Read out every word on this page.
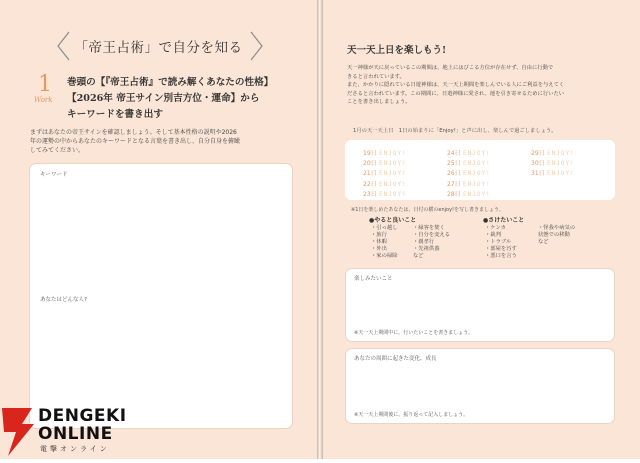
「帝王占術」で自分を知る
1
Work
巻頭の【『帝王占術』で読み解くあなたの性格】
【2026年 帝王サイン別吉方位・運命】から
キーワードを書き出す
まずはあなたの帝王サインを確認しましょう。そして基本性格の説明や2026
年の運勢の中からあなたのキーワードとなる言葉を書き出し、自分自身を俯瞰
してみてください。
キーワード
あなたはどんな人?
天一天上日を楽しもう!
天一神様が天に戻っているこの期間は、地上にはびこる方位が存在せず、自由に行動で
きると言われています。
また、かかりに隠れている日遊神様は、天一天上期間を楽しんでいる人にご利益を与えてく
ださると言われています。この期間に、日遊神様に愛され、運を引き寄せるために行いたい
ことを書き出しましょう。
1月の天一天上日　1日の始まりに「Enjoy!」と声に出し、楽しんで過ごしましょう。
19日 ENJOY!
20日 ENJOY!
21日 ENJOY!
22日 ENJOY!
23日 ENJOY!
24日 ENJOY!
25日 ENJOY!
26日 ENJOY!
27日 ENJOY!
28日 ENJOY!
29日 ENJOY!
30日 ENJOY!
31日 ENJOY!
※1日を楽しめたあなたは、日付の横のenjoy!を写し書きましょう。
●やると良いこと
・引っ越し
・旅行
・休暇
・外出
・家の掃除
・縁客を焚く
・自分を変える
・親孝行
・先祖供養
など
●さけたいこと
・ケンカ
・裁判
・トラブル
・部屋を汚す
・悪口を言う
・怪我や病気の
状態での移動
など
楽しみたいこと
※天一天上期間中に、行いたいことを書きましょう。
あなたの周囲に起きた変化、成長
※天一天上期間後に、振り返って記入しましょう。
DENGEKI
ONLINE
電撃オンライン
